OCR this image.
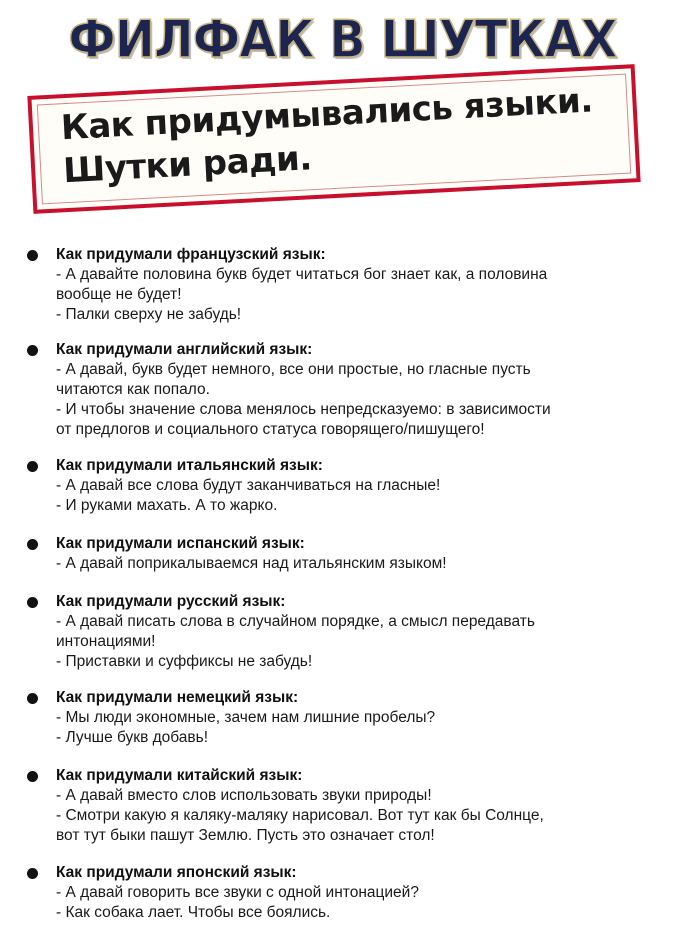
ФИЛФАК В ШУТКАХ
Как придумывались языки.
Шутки ради.
Как придумали французский язык:
- А давайте половина букв будет читаться бог знает как, а половина
вообще не будет!
- Палки сверху не забудь!
Как придумали английский язык:
- А давай, букв будет немного, все они простые, но гласные пусть
читаются как попало.
- И чтобы значение слова менялось непредсказуемо: в зависимости
от предлогов и социального статуса говорящего/пишущего!
Как придумали итальянский язык:
- А давай все слова будут заканчиваться на гласные!
- И руками махать. А то жарко.
Как придумали испанский язык:
- А давай поприкалываемся над итальянским языком!
Как придумали русский язык:
- А давай писать слова в случайном порядке, а смысл передавать
интонациями!
- Приставки и суффиксы не забудь!
Как придумали немецкий язык:
- Мы люди экономные, зачем нам лишние пробелы?
- Лучше букв добавь!
Как придумали китайский язык:
- А давай вместо слов использовать звуки природы!
- Смотри какую я каляку-маляку нарисовал. Вот тут как бы Солнце,
вот тут быки пашут Землю. Пусть это означает стол!
Как придумали японский язык:
- А давай говорить все звуки с одной интонацией?
- Как собака лает. Чтобы все боялись.
